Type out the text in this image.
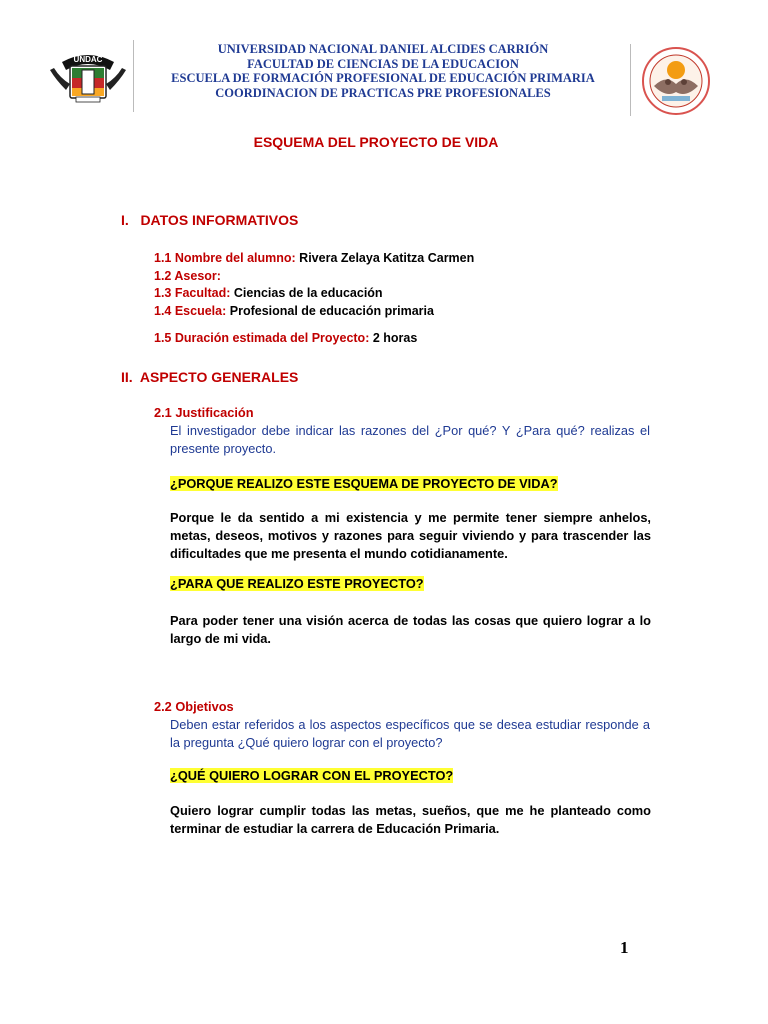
UNDAC
UNIVERSIDAD NACIONAL DANIEL ALCIDES CARRIÓN
FACULTAD DE CIENCIAS DE LA EDUCACION
ESCUELA DE FORMACIÓN PROFESIONAL DE EDUCACIÓN PRIMARIA
COORDINACION DE PRACTICAS PRE PROFESIONALES
ESQUEMA DEL PROYECTO DE VIDA
I.   DATOS INFORMATIVOS
1.1 Nombre del alumno: Rivera Zelaya Katitza Carmen
1.2 Asesor:
1.3 Facultad: Ciencias de la educación
1.4 Escuela: Profesional de educación primaria
1.5 Duración estimada del Proyecto: 2 horas
II.  ASPECTO GENERALES
2.1 Justificación
El investigador debe indicar las razones del ¿Por qué? Y ¿Para qué? realizas el presente proyecto.
¿PORQUE REALIZO ESTE ESQUEMA DE PROYECTO DE VIDA?
Porque le da sentido a mi existencia y me permite tener siempre anhelos, metas, deseos, motivos y razones para seguir viviendo y para trascender las dificultades que me presenta el mundo cotidianamente.
¿PARA QUE REALIZO ESTE PROYECTO?
Para poder tener una visión acerca de todas las cosas que quiero lograr a lo largo de mi vida.
2.2 Objetivos
Deben estar referidos a los aspectos específicos que se desea estudiar responde a la pregunta ¿Qué quiero lograr con el proyecto?
¿QUÉ QUIERO LOGRAR CON EL PROYECTO?
Quiero lograr cumplir todas las metas, sueños, que me he planteado como terminar de estudiar la carrera de Educación Primaria.
1
